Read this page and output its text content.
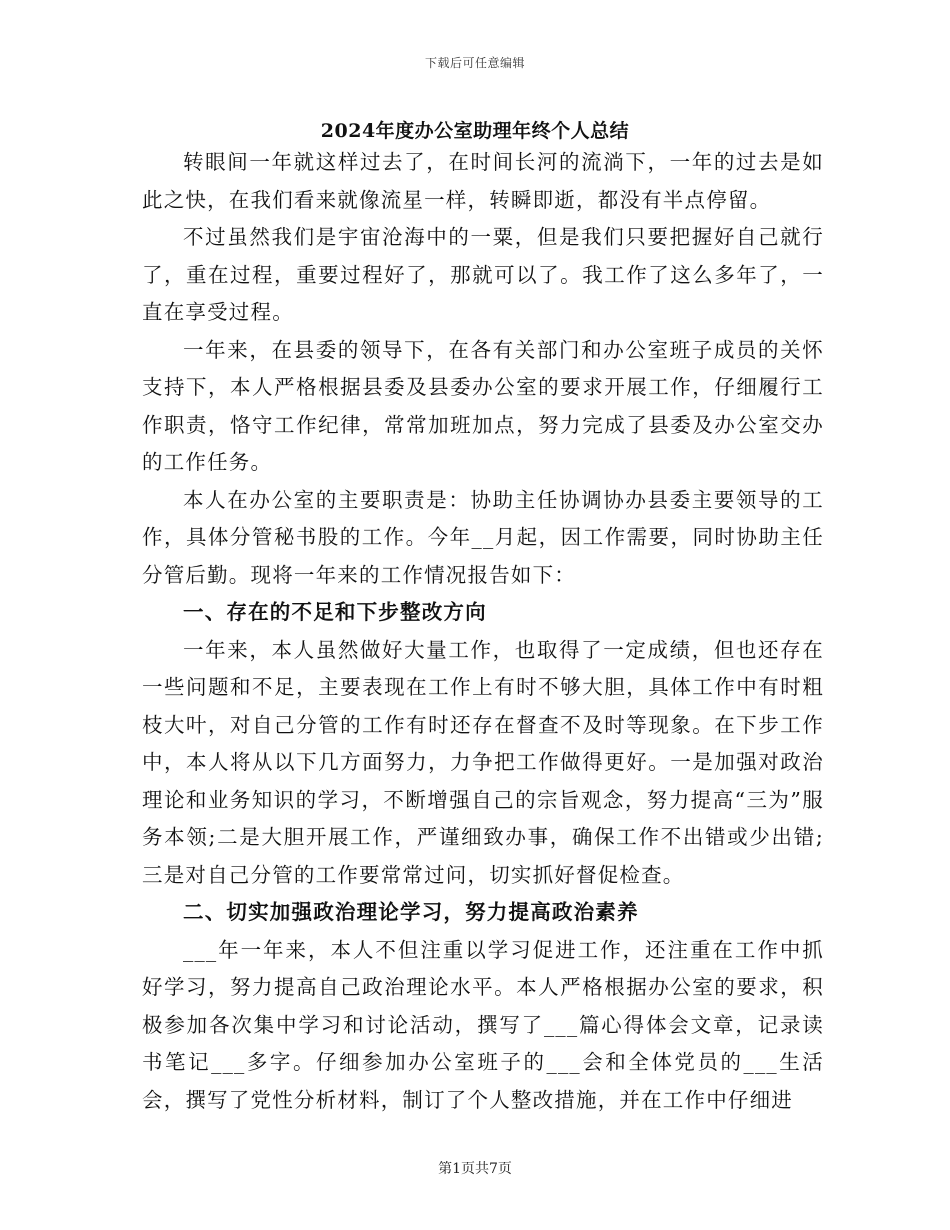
下载后可任意编辑
2024年度办公室助理年终个人总结

转眼间一年就这样过去了，在时间长河的流淌下，一年的过去是如此之快，在我们看来就像流星一样，转瞬即逝，都没有半点停留。

不过虽然我们是宇宙沧海中的一粟，但是我们只要把握好自己就行了，重在过程，重要过程好了，那就可以了。我工作了这么多年了，一直在享受过程。

一年来，在县委的领导下，在各有关部门和办公室班子成员的关怀支持下，本人严格根据县委及县委办公室的要求开展工作，仔细履行工作职责，恪守工作纪律，常常加班加点，努力完成了县委及办公室交办的工作任务。

本人在办公室的主要职责是：协助主任协调协办县委主要领导的工作，具体分管秘书股的工作。今年__月起，因工作需要，同时协助主任分管后勤。现将一年来的工作情况报告如下：

一、存在的不足和下步整改方向

一年来，本人虽然做好大量工作，也取得了一定成绩，但也还存在一些问题和不足，主要表现在工作上有时不够大胆，具体工作中有时粗枝大叶，对自己分管的工作有时还存在督查不及时等现象。在下步工作中，本人将从以下几方面努力，力争把工作做得更好。一是加强对政治理论和业务知识的学习，不断增强自己的宗旨观念，努力提高“三为”服务本领;二是大胆开展工作，严谨细致办事，确保工作不出错或少出错;三是对自己分管的工作要常常过问，切实抓好督促检查。

二、切实加强政治理论学习，努力提高政治素养

___年一年来，本人不但注重以学习促进工作，还注重在工作中抓好学习，努力提高自己政治理论水平。本人严格根据办公室的要求，积极参加各次集中学习和讨论活动，撰写了___篇心得体会文章，记录读书笔记___多字。仔细参加办公室班子的___会和全体党员的___生活会，撰写了党性分析材料，制订了个人整改措施，并在工作中仔细进

第1页共7页
